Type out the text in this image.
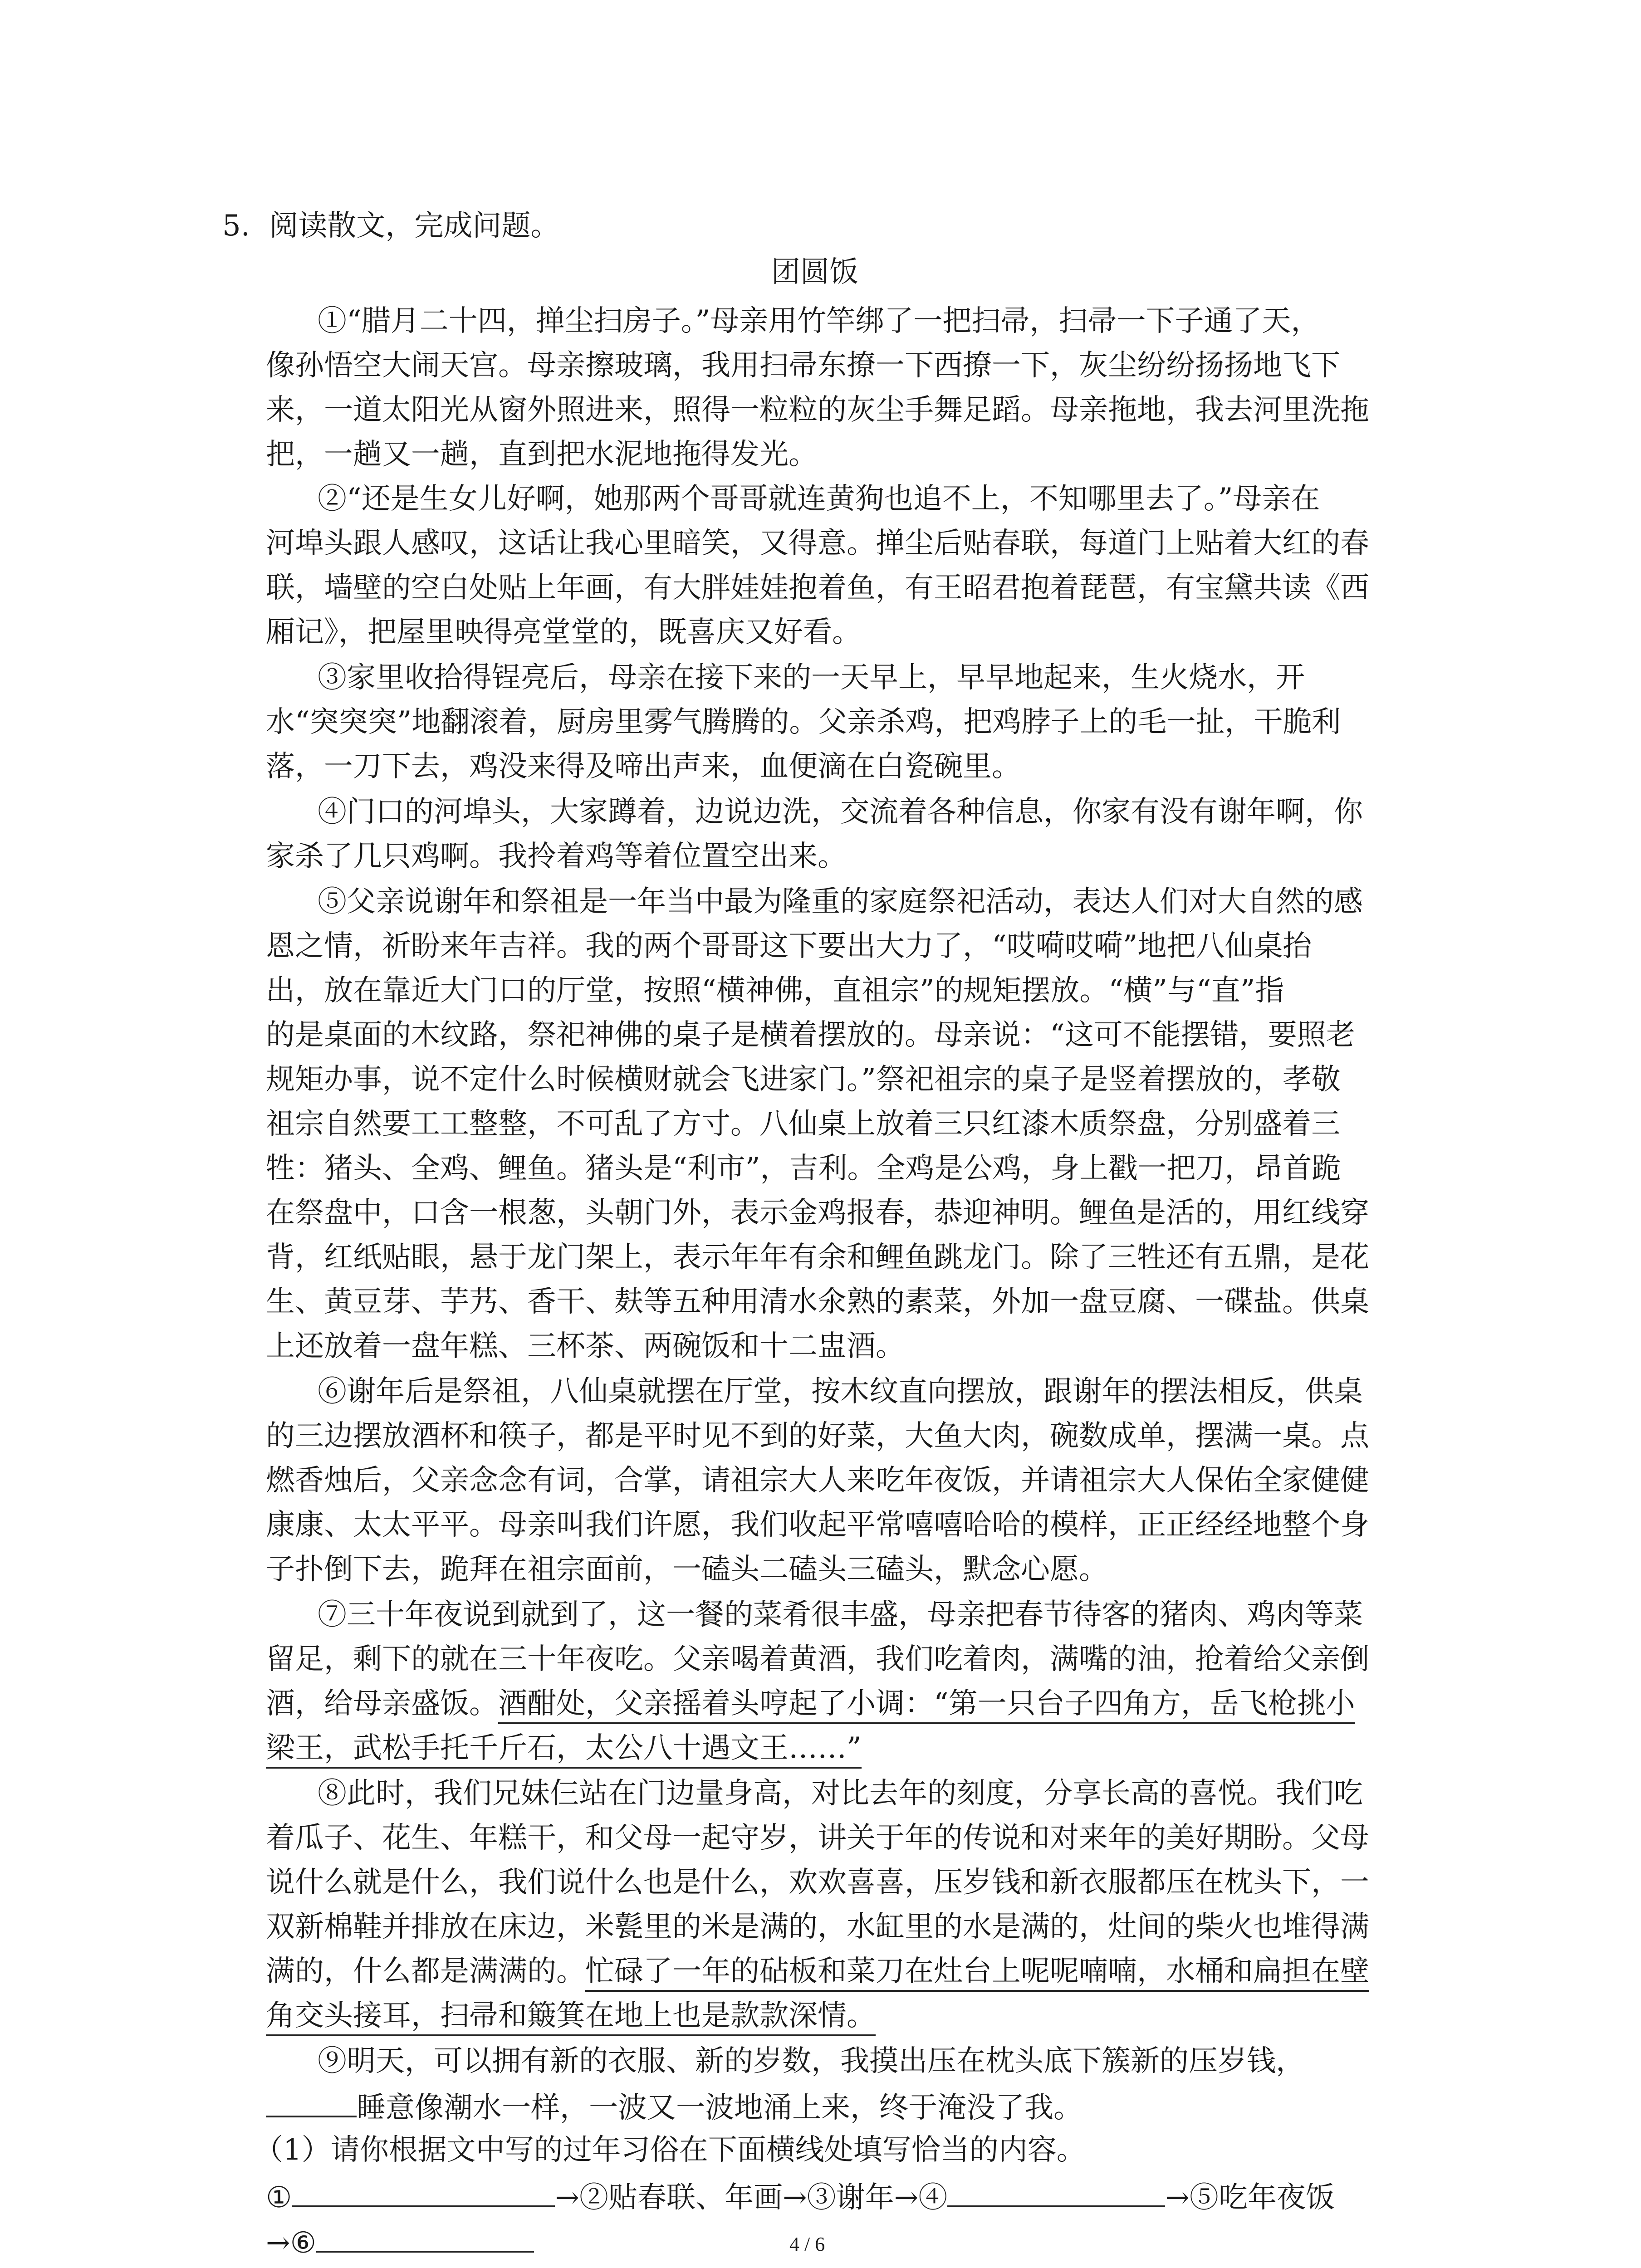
5. 阅读散文，完成问题。
团圆饭
①“腊月二十四，掸尘扫房子。”母亲用竹竿绑了一把扫帚，扫帚一下子通了天，
像孙悟空大闹天宫。母亲擦玻璃，我用扫帚东撩一下西撩一下，灰尘纷纷扬扬地飞下
来，一道太阳光从窗外照进来，照得一粒粒的灰尘手舞足蹈。母亲拖地，我去河里洗拖
把，一趟又一趟，直到把水泥地拖得发光。
②“还是生女儿好啊，她那两个哥哥就连黄狗也追不上，不知哪里去了。”母亲在
河埠头跟人感叹，这话让我心里暗笑，又得意。掸尘后贴春联，每道门上贴着大红的春
联，墙壁的空白处贴上年画，有大胖娃娃抱着鱼，有王昭君抱着琵琶，有宝黛共读《西
厢记》，把屋里映得亮堂堂的，既喜庆又好看。
③家里收拾得锃亮后，母亲在接下来的一天早上，早早地起来，生火烧水，开
水“突突突”地翻滚着，厨房里雾气腾腾的。父亲杀鸡，把鸡脖子上的毛一扯，干脆利
落，一刀下去，鸡没来得及啼出声来，血便滴在白瓷碗里。
④门口的河埠头，大家蹲着，边说边洗，交流着各种信息，你家有没有谢年啊，你
家杀了几只鸡啊。我拎着鸡等着位置空出来。
⑤父亲说谢年和祭祖是一年当中最为隆重的家庭祭祀活动，表达人们对大自然的感
恩之情，祈盼来年吉祥。我的两个哥哥这下要出大力了，“哎嗬哎嗬”地把八仙桌抬
出，放在靠近大门口的厅堂，按照“横神佛，直祖宗”的规矩摆放。“横”与“直”指
的是桌面的木纹路，祭祀神佛的桌子是横着摆放的。母亲说：“这可不能摆错，要照老
规矩办事，说不定什么时候横财就会飞进家门。”祭祀祖宗的桌子是竖着摆放的，孝敬
祖宗自然要工工整整，不可乱了方寸。八仙桌上放着三只红漆木质祭盘，分别盛着三
牲：猪头、全鸡、鲤鱼。猪头是“利市”，吉利。全鸡是公鸡，身上戳一把刀，昂首跪
在祭盘中，口含一根葱，头朝门外，表示金鸡报春，恭迎神明。鲤鱼是活的，用红线穿
背，红纸贴眼，悬于龙门架上，表示年年有余和鲤鱼跳龙门。除了三牲还有五鼎，是花
生、黄豆芽、芋艿、香干、麸等五种用清水氽熟的素菜，外加一盘豆腐、一碟盐。供桌
上还放着一盘年糕、三杯茶、两碗饭和十二盅酒。
⑥谢年后是祭祖，八仙桌就摆在厅堂，按木纹直向摆放，跟谢年的摆法相反，供桌
的三边摆放酒杯和筷子，都是平时见不到的好菜，大鱼大肉，碗数成单，摆满一桌。点
燃香烛后，父亲念念有词，合掌，请祖宗大人来吃年夜饭，并请祖宗大人保佑全家健健
康康、太太平平。母亲叫我们许愿，我们收起平常嘻嘻哈哈的模样，正正经经地整个身
子扑倒下去，跪拜在祖宗面前，一磕头二磕头三磕头，默念心愿。
⑦三十年夜说到就到了，这一餐的菜肴很丰盛，母亲把春节待客的猪肉、鸡肉等菜
留足，剩下的就在三十年夜吃。父亲喝着黄酒，我们吃着肉，满嘴的油，抢着给父亲倒
酒，给母亲盛饭。酒酣处，父亲摇着头哼起了小调：“第一只台子四角方，岳飞枪挑小
梁王，武松手托千斤石，太公八十遇文王……”
⑧此时，我们兄妹仨站在门边量身高，对比去年的刻度，分享长高的喜悦。我们吃
着瓜子、花生、年糕干，和父母一起守岁，讲关于年的传说和对来年的美好期盼。父母
说什么就是什么，我们说什么也是什么，欢欢喜喜，压岁钱和新衣服都压在枕头下，一
双新棉鞋并排放在床边，米甏里的米是满的，水缸里的水是满的，灶间的柴火也堆得满
满的，什么都是满满的。忙碌了一年的砧板和菜刀在灶台上呢呢喃喃，水桶和扁担在壁
角交头接耳，扫帚和簸箕在地上也是款款深情。
⑨明天，可以拥有新的衣服、新的岁数，我摸出压在枕头底下簇新的压岁钱，
睡意像潮水一样，一波又一波地涌上来，终于淹没了我。
（1）请你根据文中写的过年习俗在下面横线处填写恰当的内容。
①	→②贴春联、年画→③谢年→④	→⑤吃年夜饭
4 / 6
→⑥
